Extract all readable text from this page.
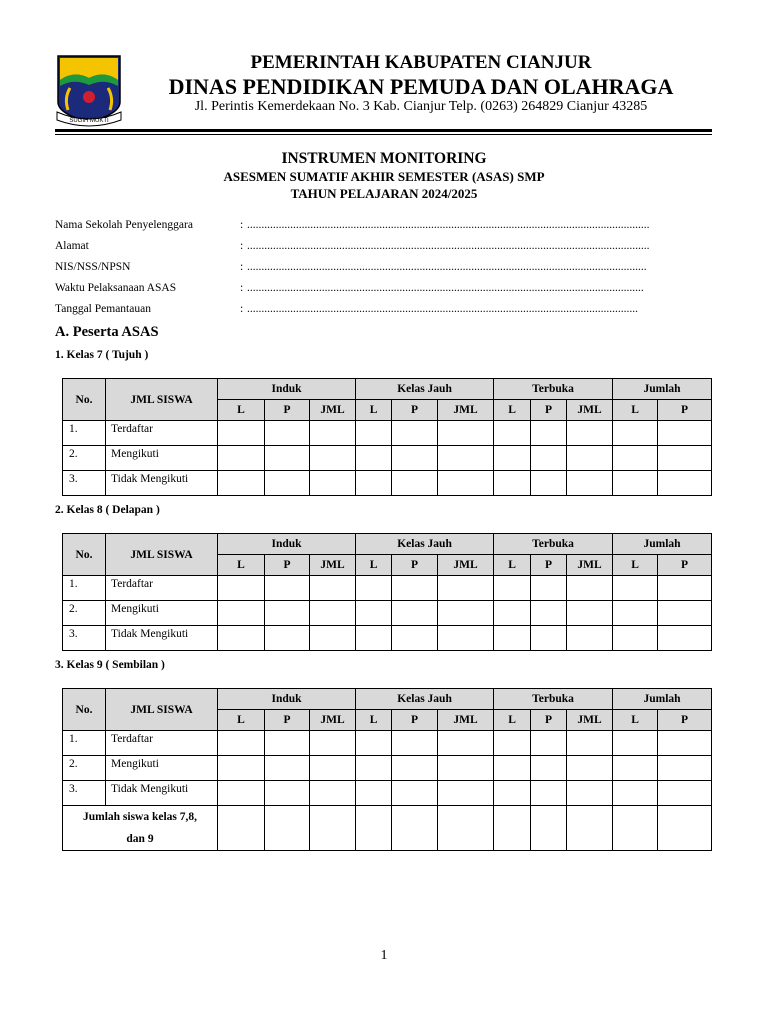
SUGIH MUKTI
PEMERINTAH KABUPATEN CIANJUR
DINAS PENDIDIKAN PEMUDA DAN OLAHRAGA
Jl. Perintis Kemerdekaan No. 3 Kab. Cianjur Telp. (0263) 264829 Cianjur 43285
INSTRUMEN MONITORING
ASESMEN SUMATIF AKHIR SEMESTER (ASAS) SMP
TAHUN PELAJARAN 2024/2025
Nama Sekolah Penyelenggara	: ............................................................................................................................................
Alamat	: ............................................................................................................................................
NIS/NSS/NPSN	: ...........................................................................................................................................
Waktu Pelaksanaan ASAS	: ..........................................................................................................................................
Tanggal Pemantauan	: ........................................................................................................................................
A. Peserta ASAS
1. Kelas 7 ( Tujuh )
No.	JML SISWA	Induk			Kelas Jauh			Terbuka			Jumlah	
		L	P	JML	L	P	JML	L	P	JML	L	P
1.	Terdaftar											
2.	Mengikuti											
3.	Tidak Mengikuti											
2. Kelas 8 ( Delapan )
No.	JML SISWA	Induk			Kelas Jauh			Terbuka			Jumlah	
		L	P	JML	L	P	JML	L	P	JML	L	P
1.	Terdaftar											
2.	Mengikuti											
3.	Tidak Mengikuti											
3. Kelas 9 ( Sembilan )
No.	JML SISWA	Induk			Kelas Jauh			Terbuka			Jumlah	
		L	P	JML	L	P	JML	L	P	JML	L	P
1.	Terdaftar											
2.	Mengikuti											
3.	Tidak Mengikuti											
Jumlah siswa kelas 7,8,
dan 9												
1
